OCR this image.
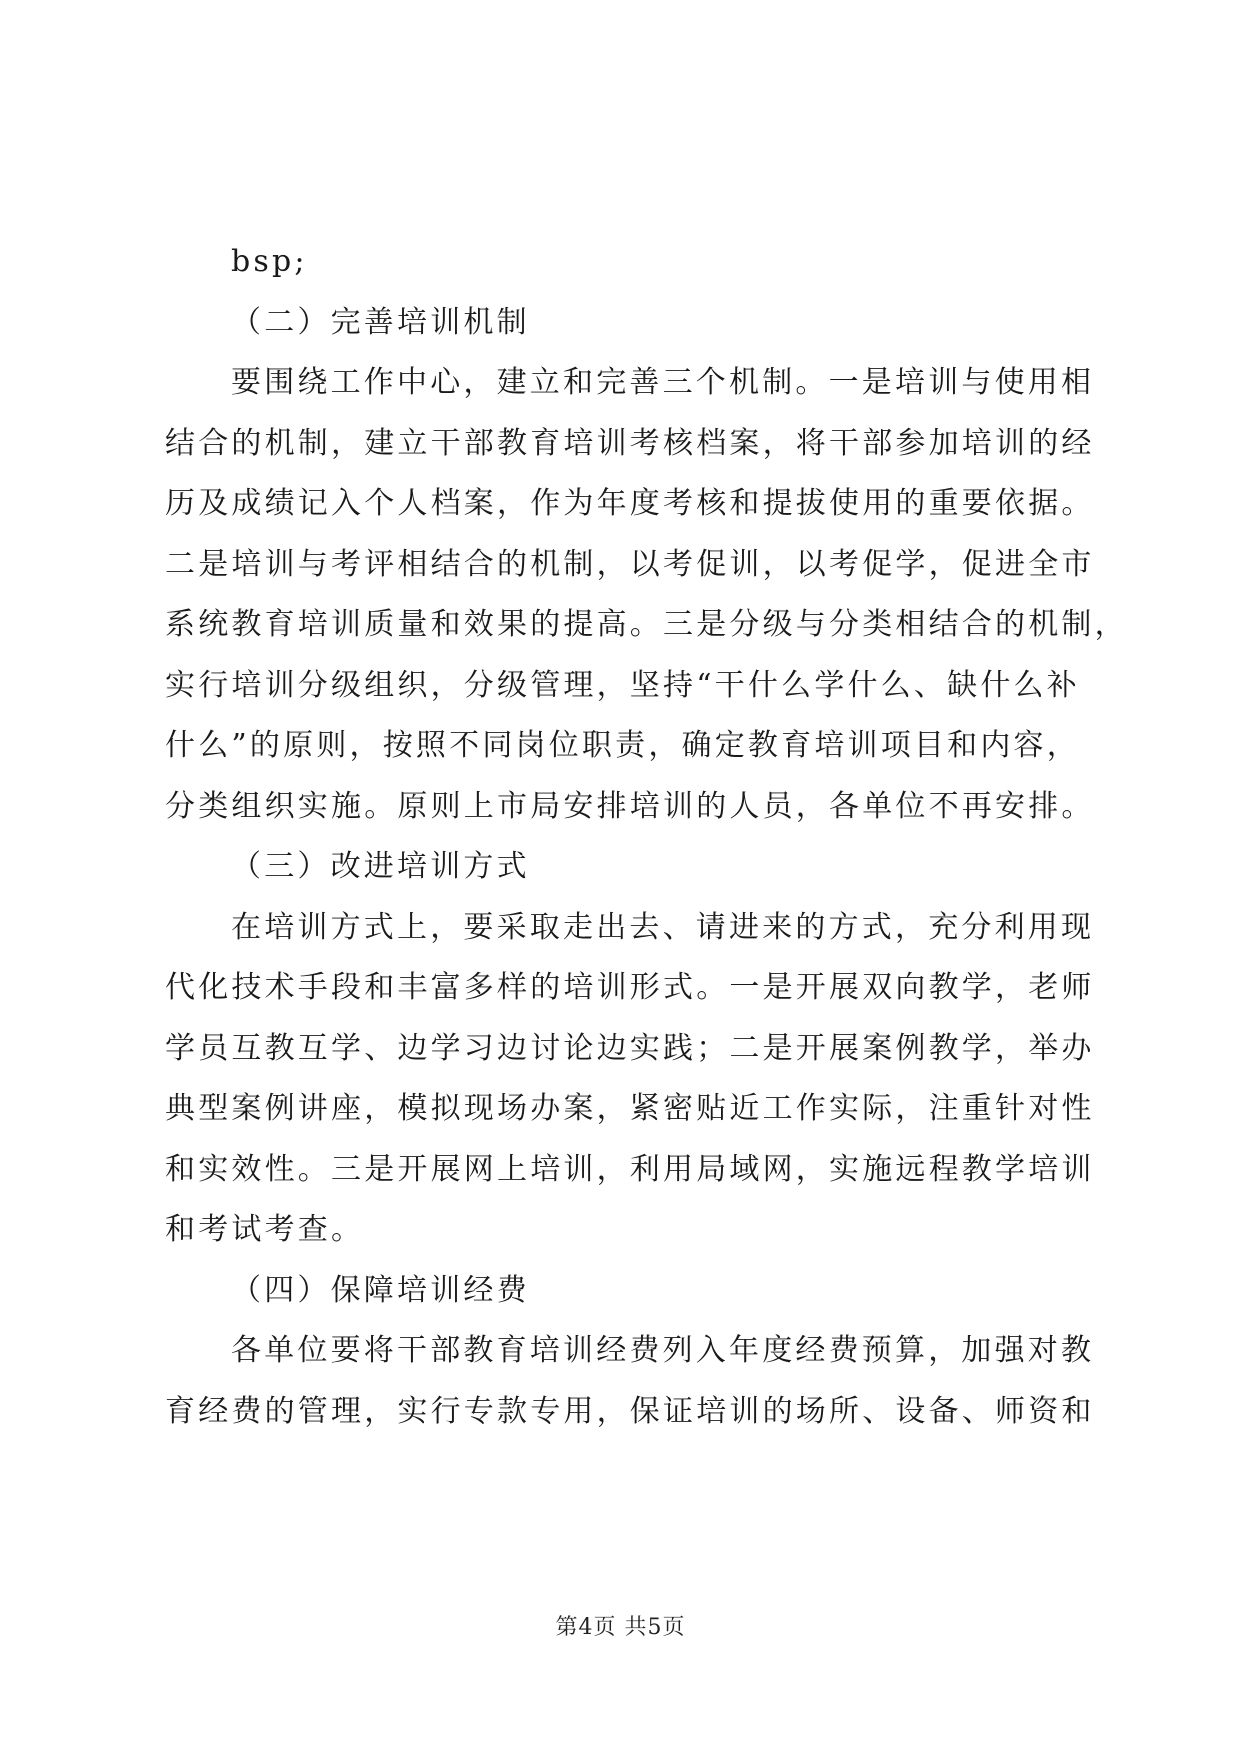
bsp;
（二）完善培训机制
要围绕工作中心，建立和完善三个机制。一是培训与使用相
结合的机制，建立干部教育培训考核档案，将干部参加培训的经
历及成绩记入个人档案，作为年度考核和提拔使用的重要依据。
二是培训与考评相结合的机制，以考促训，以考促学，促进全市
系统教育培训质量和效果的提高。三是分级与分类相结合的机制，
实行培训分级组织，分级管理，坚持“干什么学什么、缺什么补
什么”的原则，按照不同岗位职责，确定教育培训项目和内容，
分类组织实施。原则上市局安排培训的人员，各单位不再安排。
（三）改进培训方式
在培训方式上，要采取走出去、请进来的方式，充分利用现
代化技术手段和丰富多样的培训形式。一是开展双向教学，老师
学员互教互学、边学习边讨论边实践；二是开展案例教学，举办
典型案例讲座，模拟现场办案，紧密贴近工作实际，注重针对性
和实效性。三是开展网上培训，利用局域网，实施远程教学培训
和考试考查。
（四）保障培训经费
各单位要将干部教育培训经费列入年度经费预算，加强对教
育经费的管理，实行专款专用，保证培训的场所、设备、师资和
第4页 共5页
